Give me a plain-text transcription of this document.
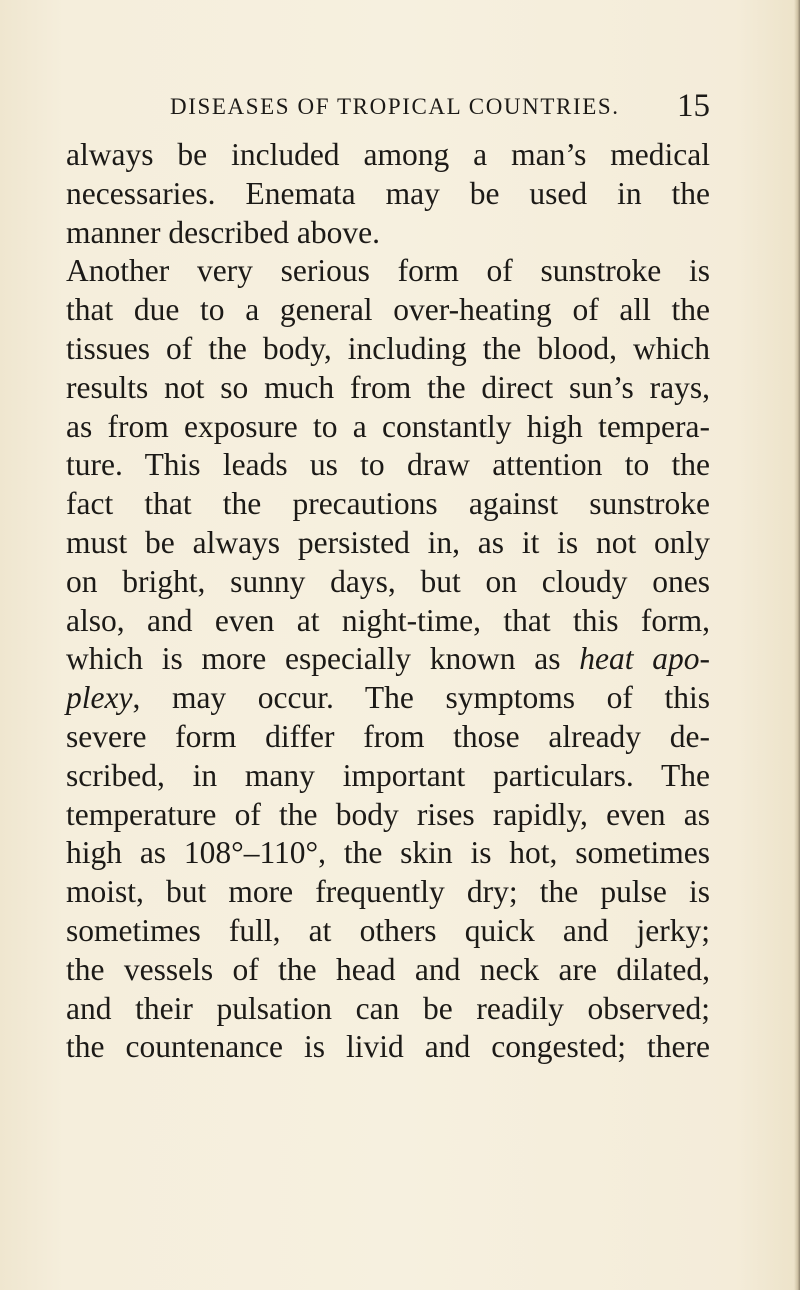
DISEASES OF TROPICAL COUNTRIES. 15
always be included among a man’s medical
necessaries. Enemata may be used in the
manner described above.
Another very serious form of sunstroke is
that due to a general over-heating of all the
tissues of the body, including the blood, which
results not so much from the direct sun’s rays,
as from exposure to a constantly high tempera-
ture. This leads us to draw attention to the
fact that the precautions against sunstroke
must be always persisted in, as it is not only
on bright, sunny days, but on cloudy ones
also, and even at night-time, that this form,
which is more especially known as heat apo-
plexy, may occur. The symptoms of this
severe form differ from those already de-
scribed, in many important particulars. The
temperature of the body rises rapidly, even as
high as 108°–110°, the skin is hot, sometimes
moist, but more frequently dry; the pulse is
sometimes full, at others quick and jerky;
the vessels of the head and neck are dilated,
and their pulsation can be readily observed;
the countenance is livid and congested; there
